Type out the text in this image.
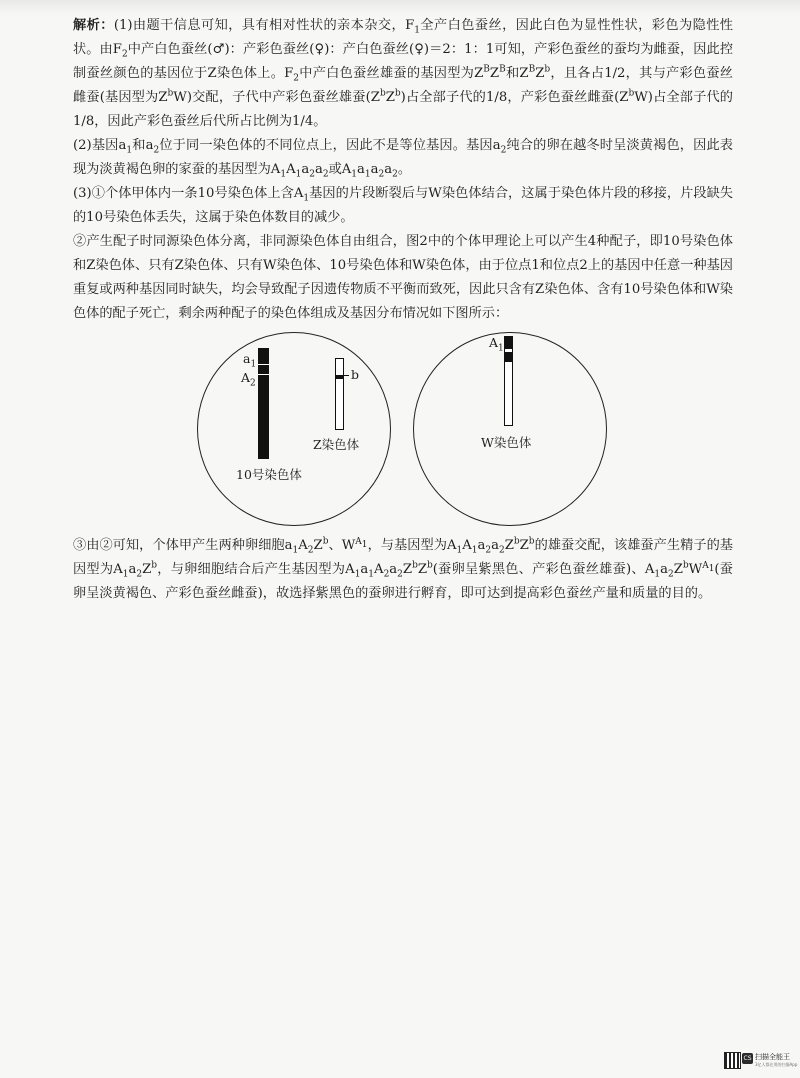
解析：(1)由题干信息可知，具有相对性状的亲本杂交，$F_1$全产白色蚕丝，因此白色为显性性状，彩色为隐性性状。由$F_2$中产白色蚕丝(♂)：产彩色蚕丝(♀)：产白色蚕丝(♀)＝2：1：1可知，产彩色蚕丝的蚕均为雌蚕，因此控制蚕丝颜色的基因位于Z染色体上。$F_2$中产白色蚕丝雄蚕的基因型为$Z^BZ^B$和$Z^BZ^b$，且各占1/2，其与产彩色蚕丝雌蚕(基因型为$Z^bW$)交配，子代中产彩色蚕丝雄蚕$(Z^bZ^b)$占全部子代的1/8，产彩色蚕丝雌蚕$(Z^bW)$占全部子代的1/8，因此产彩色蚕丝后代所占比例为1/4。

(2)基因$a_1$和$a_2$位于同一染色体的不同位点上，因此不是等位基因。基因$a_2$纯合的卵在越冬时呈淡黄褐色，因此表现为淡黄褐色卵的家蚕的基因型为$A_1A_1a_2a_2$或$A_1a_1a_2a_2$。

(3)①个体甲体内一条10号染色体上含$A_1$基因的片段断裂后与W染色体结合，这属于染色体片段的移接，片段缺失的10号染色体丢失，这属于染色体数目的减少。

②产生配子时同源染色体分离，非同源染色体自由组合，图2中的个体甲理论上可以产生4种配子，即10号染色体和Z染色体、只有Z染色体、只有W染色体、10号染色体和W染色体，由于位点1和位点2上的基因中任意一种基因重复或两种基因同时缺失，均会导致配子因遗传物质不平衡而致死，因此只含有Z染色体、含有10号染色体和W染色体的配子死亡，剩余两种配子的染色体组成及基因分布情况如下图所示：

$a_1$
$A_2$
b
Z染色体
10号染色体
$A_1$
W染色体

③由②可知，个体甲产生两种卵细胞$a_1A_2Z^b$、$W^{A_1}$，与基因型为$A_1A_1a_2a_2Z^bZ^b$的雄蚕交配，该雄蚕产生精子的基因型为$A_1a_2Z^b$，与卵细胞结合后产生基因型为$A_1a_1A_2a_2Z^bZ^b$(蚕卵呈紫黑色、产彩色蚕丝雄蚕)、$A_1a_2Z^bW^{A_1}$(蚕卵呈淡黄褐色、产彩色蚕丝雌蚕)，故选择紫黑色的蚕卵进行孵育，即可达到提高彩色蚕丝产量和质量的目的。

CS 扫描全能王
3亿人都在用的扫描App
